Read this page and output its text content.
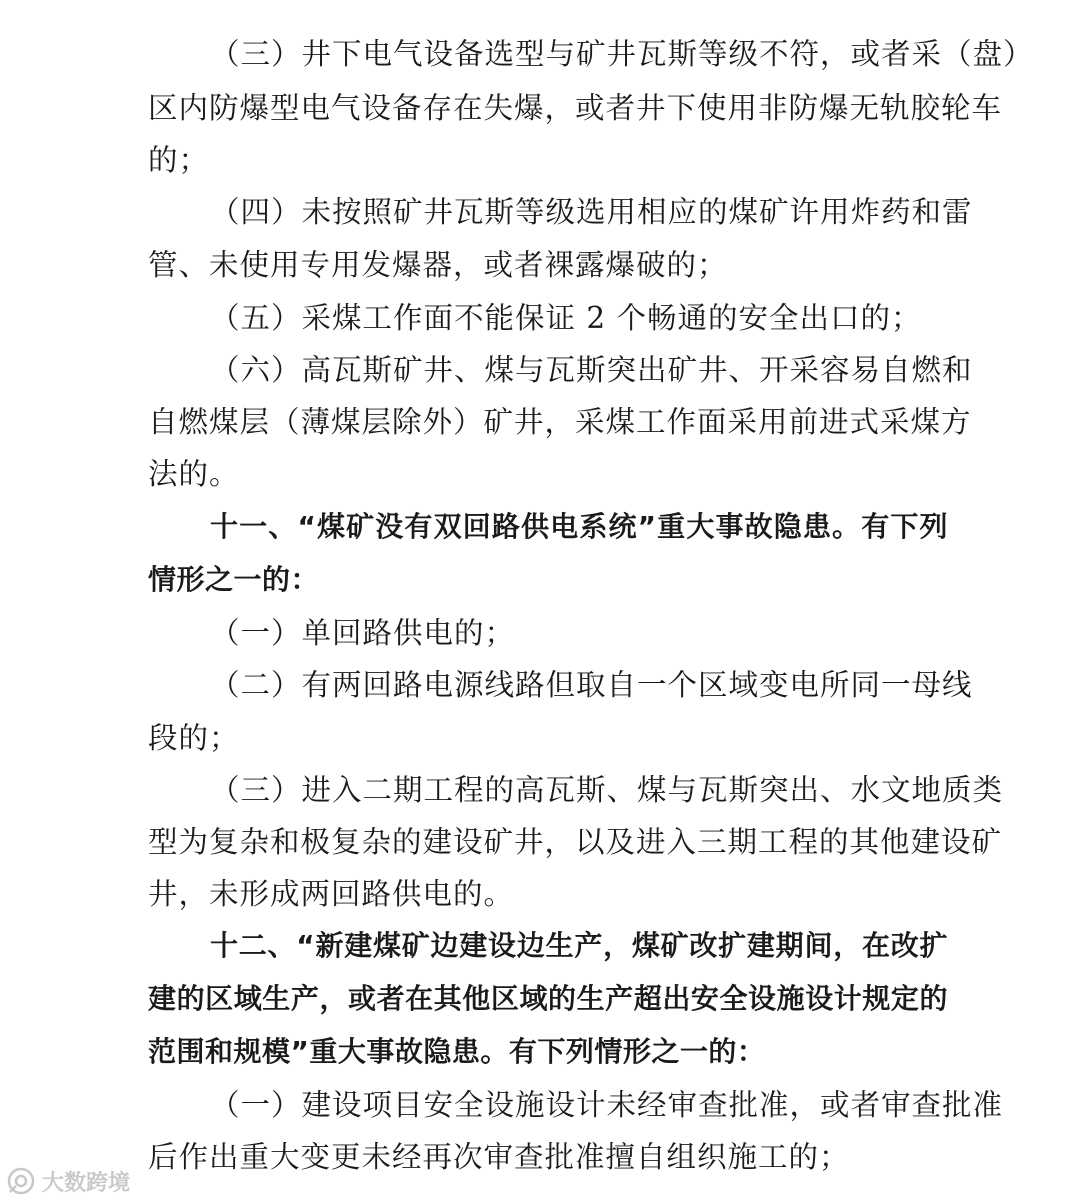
（三）井下电气设备选型与矿井瓦斯等级不符，或者采（盘）
区内防爆型电气设备存在失爆，或者井下使用非防爆无轨胶轮车
的；
（四）未按照矿井瓦斯等级选用相应的煤矿许用炸药和雷
管、未使用专用发爆器，或者裸露爆破的；
（五）采煤工作面不能保证 2 个畅通的安全出口的；
（六）高瓦斯矿井、煤与瓦斯突出矿井、开采容易自燃和
自燃煤层（薄煤层除外）矿井，采煤工作面采用前进式采煤方
法的。
十一、“煤矿没有双回路供电系统”重大事故隐患。有下列
情形之一的：
（一）单回路供电的；
（二）有两回路电源线路但取自一个区域变电所同一母线
段的；
（三）进入二期工程的高瓦斯、煤与瓦斯突出、水文地质类
型为复杂和极复杂的建设矿井，以及进入三期工程的其他建设矿
井，未形成两回路供电的。
十二、“新建煤矿边建设边生产，煤矿改扩建期间，在改扩
建的区域生产，或者在其他区域的生产超出安全设施设计规定的
范围和规模”重大事故隐患。有下列情形之一的：
（一）建设项目安全设施设计未经审查批准，或者审查批准
后作出重大变更未经再次审查批准擅自组织施工的；
大数跨境
